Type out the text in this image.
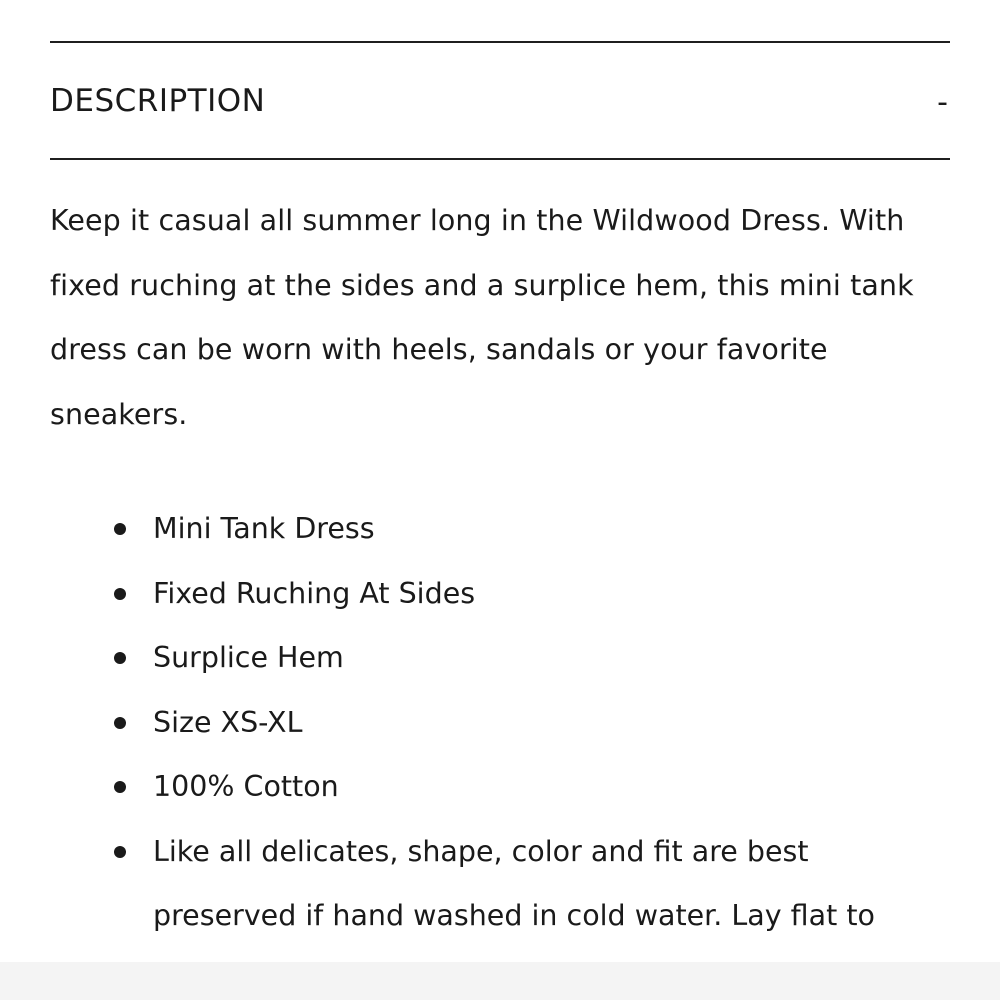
DESCRIPTION	-

Keep it casual all summer long in the Wildwood Dress. With fixed ruching at the sides and a surplice hem, this mini tank dress can be worn with heels, sandals or your favorite sneakers.

Mini Tank Dress
Fixed Ruching At Sides
Surplice Hem
Size XS-XL
100% Cotton
Like all delicates, shape, color and fit are best preserved if hand washed in cold water. Lay flat to
